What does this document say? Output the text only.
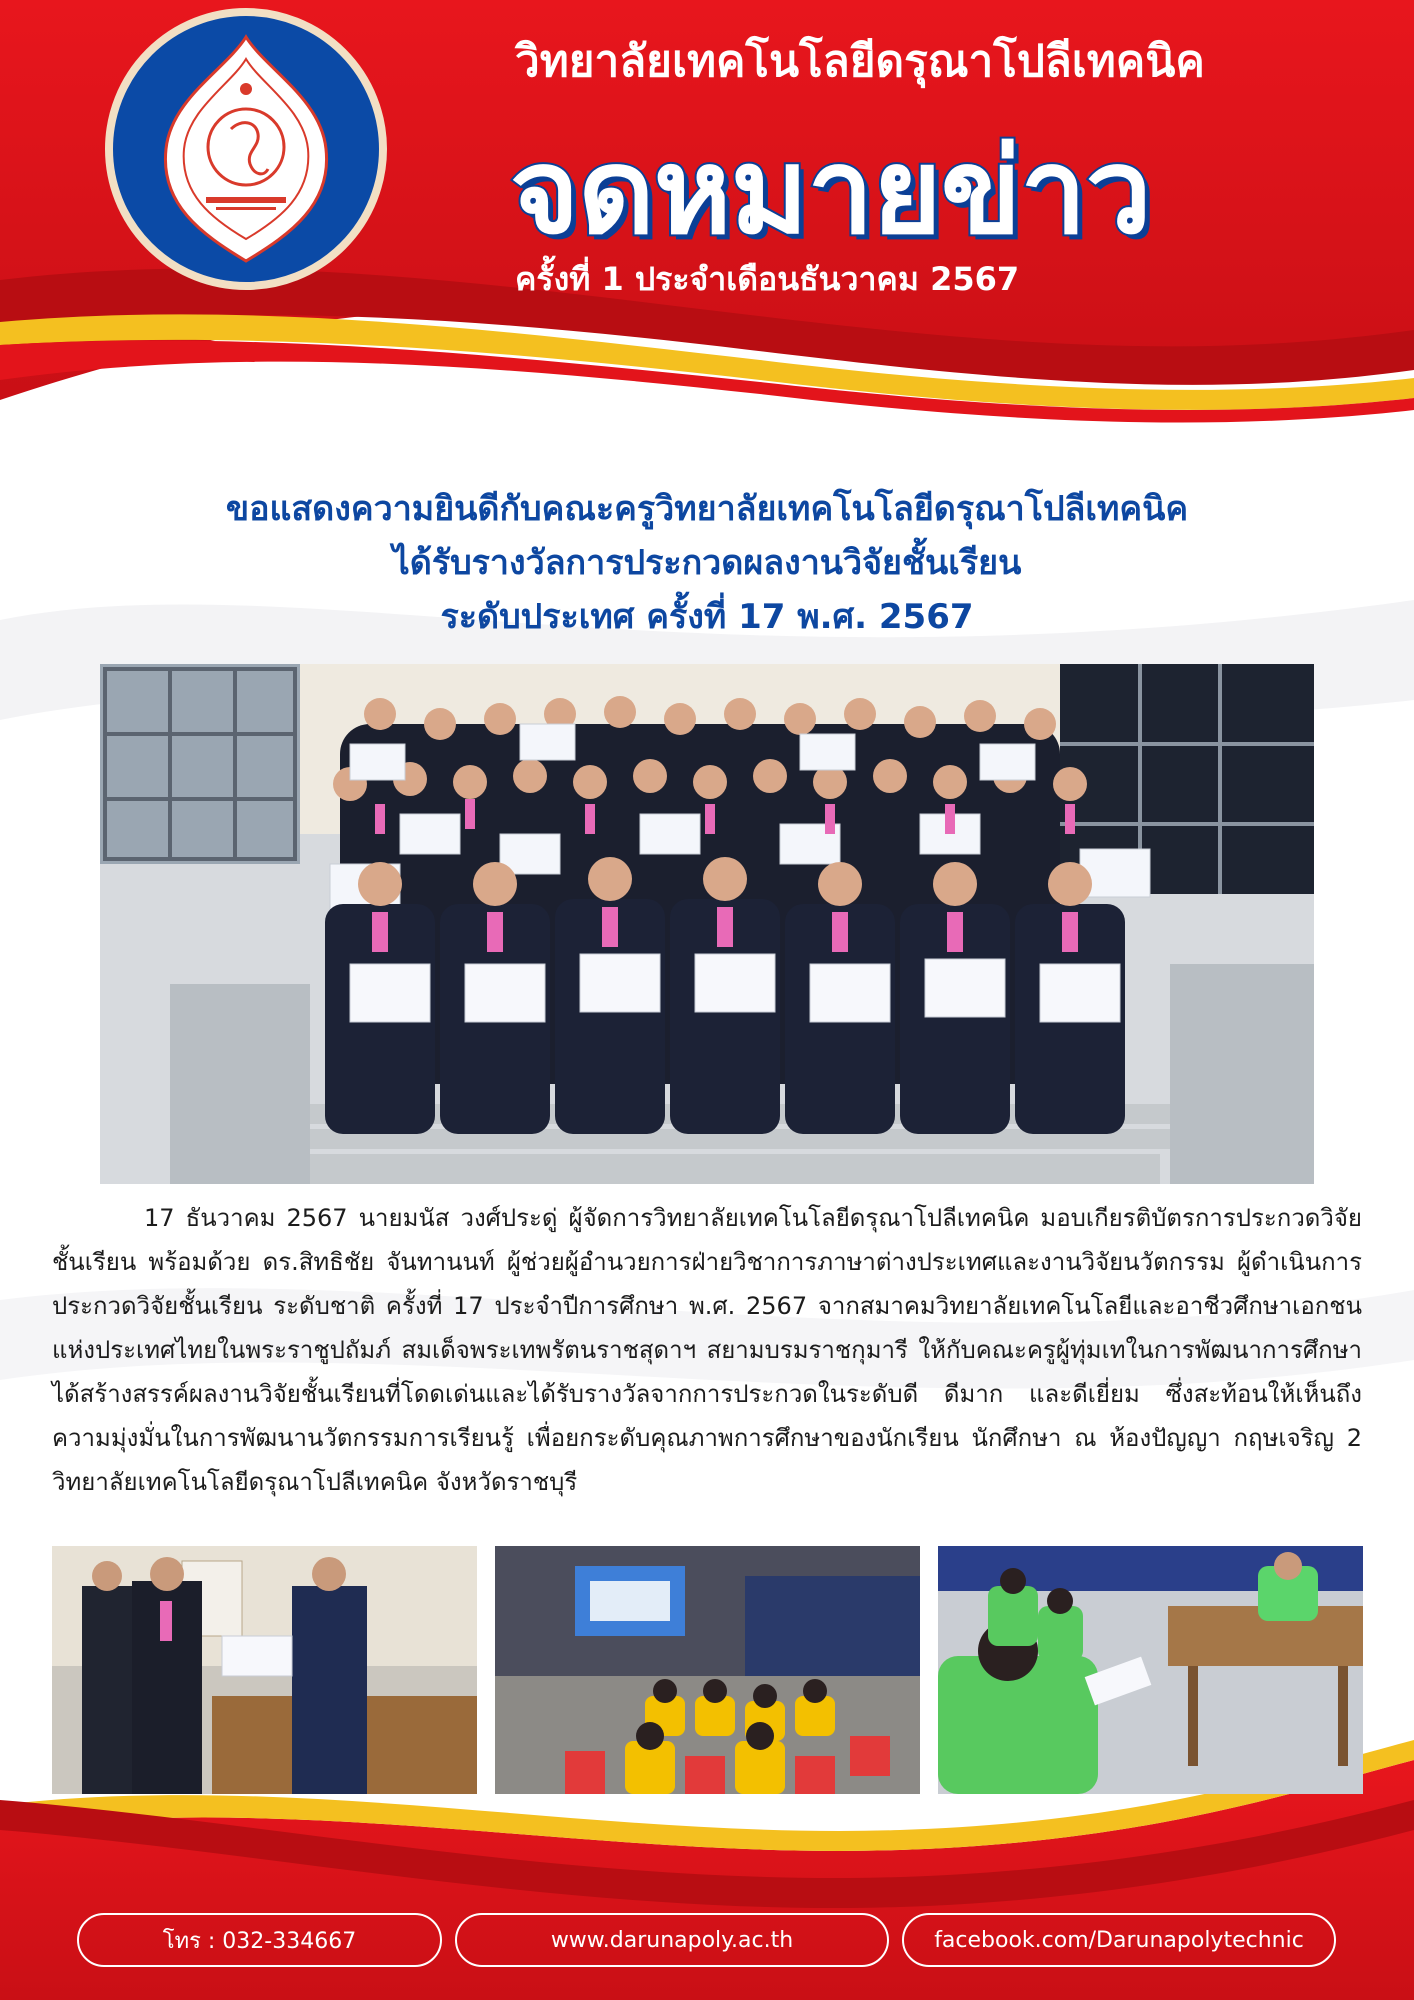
วิทยาลัยเทคโนโลยีดรุณาโปลีเทคนิค
จดหมายข่าว
ครั้งที่ 1 ประจำเดือนธันวาคม 2567
ขอแสดงความยินดีกับคณะครูวิทยาลัยเทคโนโลยีดรุณาโปลีเทคนิค
ได้รับรางวัลการประกวดผลงานวิจัยชั้นเรียน
ระดับประเทศ ครั้งที่ 17 พ.ศ. 2567
17 ธันวาคม 2567 นายมนัส วงศ์ประดู่ ผู้จัดการวิทยาลัยเทคโนโลยีดรุณาโปลีเทคนิค มอบเกียรติบัตรการประกวดวิจัยชั้นเรียน พร้อมด้วย ดร.สิทธิชัย จันทานนท์ ผู้ช่วยผู้อำนวยการฝ่ายวิชาการภาษาต่างประเทศและงานวิจัยนวัตกรรม ผู้ดำเนินการประกวดวิจัยชั้นเรียน ระดับชาติ ครั้งที่ 17 ประจำปีการศึกษา พ.ศ. 2567 จากสมาคมวิทยาลัยเทคโนโลยีและอาชีวศึกษาเอกชนแห่งประเทศไทยในพระราชูปถัมภ์ สมเด็จพระเทพรัตนราชสุดาฯ สยามบรมราชกุมารี ให้กับคณะครูผู้ทุ่มเทในการพัฒนาการศึกษาได้สร้างสรรค์ผลงานวิจัยชั้นเรียนที่โดดเด่นและได้รับรางวัลจากการประกวดในระดับดี ดีมาก และดีเยี่ยม ซึ่งสะท้อนให้เห็นถึงความมุ่งมั่นในการพัฒนานวัตกรรมการเรียนรู้ เพื่อยกระดับคุณภาพการศึกษาของนักเรียน นักศึกษา ณ ห้องปัญญา กฤษเจริญ 2 วิทยาลัยเทคโนโลยีดรุณาโปลีเทคนิค จังหวัดราชบุรี
โทร : 032-334667	www.darunapoly.ac.th	facebook.com/Darunapolytechnic
